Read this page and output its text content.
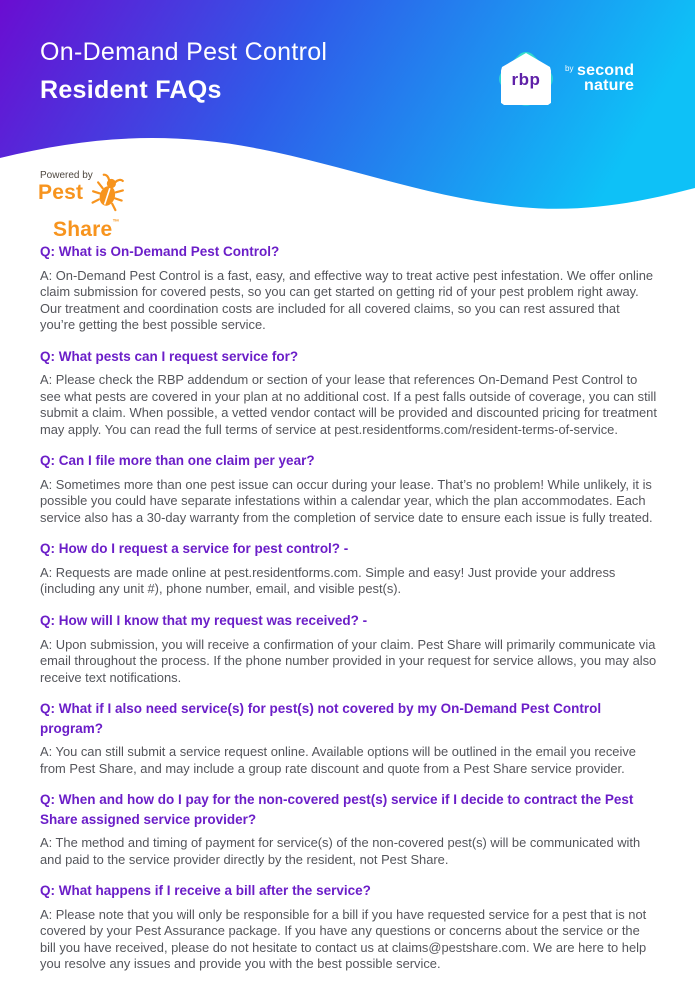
On-Demand Pest Control
Resident FAQs	rbp
by second
nature
Powered by
Pest
Share™
Q: What is On-Demand Pest Control?
A: On-Demand Pest Control is a fast, easy, and effective way to treat active pest infestation. We offer online claim submission for covered pests, so you can get started on getting rid of your pest problem right away. Our treatment and coordination costs are included for all covered claims, so you can rest assured that you’re getting the best possible service.
Q: What pests can I request service for?
A: Please check the RBP addendum or section of your lease that references On-Demand Pest Control to see what pests are covered in your plan at no additional cost. If a pest falls outside of coverage, you can still submit a claim. When possible, a vetted vendor contact will be provided and discounted pricing for treatment may apply. You can read the full terms of service at pest.residentforms.com/resident-terms-of-service.
Q: Can I file more than one claim per year?
A: Sometimes more than one pest issue can occur during your lease. That’s no problem! While unlikely, it is possible you could have separate infestations within a calendar year, which the plan accommodates. Each service also has a 30-day warranty from the completion of service date to ensure each issue is fully treated.
Q: How do I request a service for pest control? -
A: Requests are made online at pest.residentforms.com. Simple and easy! Just provide your address (including any unit #), phone number, email, and visible pest(s).
Q: How will I know that my request was received? -
A: Upon submission, you will receive a confirmation of your claim. Pest Share will primarily communicate via email throughout the process. If the phone number provided in your request for service allows, you may also receive text notifications.
Q: What if I also need service(s) for pest(s) not covered by my On-Demand Pest Control program?
A: You can still submit a service request online. Available options will be outlined in the email you receive from Pest Share, and may include a group rate discount and quote from a Pest Share service provider.
Q: When and how do I pay for the non-covered pest(s) service if I decide to contract the Pest Share assigned service provider?
A: The method and timing of payment for service(s) of the non-covered pest(s) will be communicated with and paid to the service provider directly by the resident, not Pest Share.
Q: What happens if I receive a bill after the service?
A: Please note that you will only be responsible for a bill if you have requested service for a pest that is not covered by your Pest Assurance package. If you have any questions or concerns about the service or the bill you have received, please do not hesitate to contact us at claims@pestshare.com. We are here to help you resolve any issues and provide you with the best possible service.
